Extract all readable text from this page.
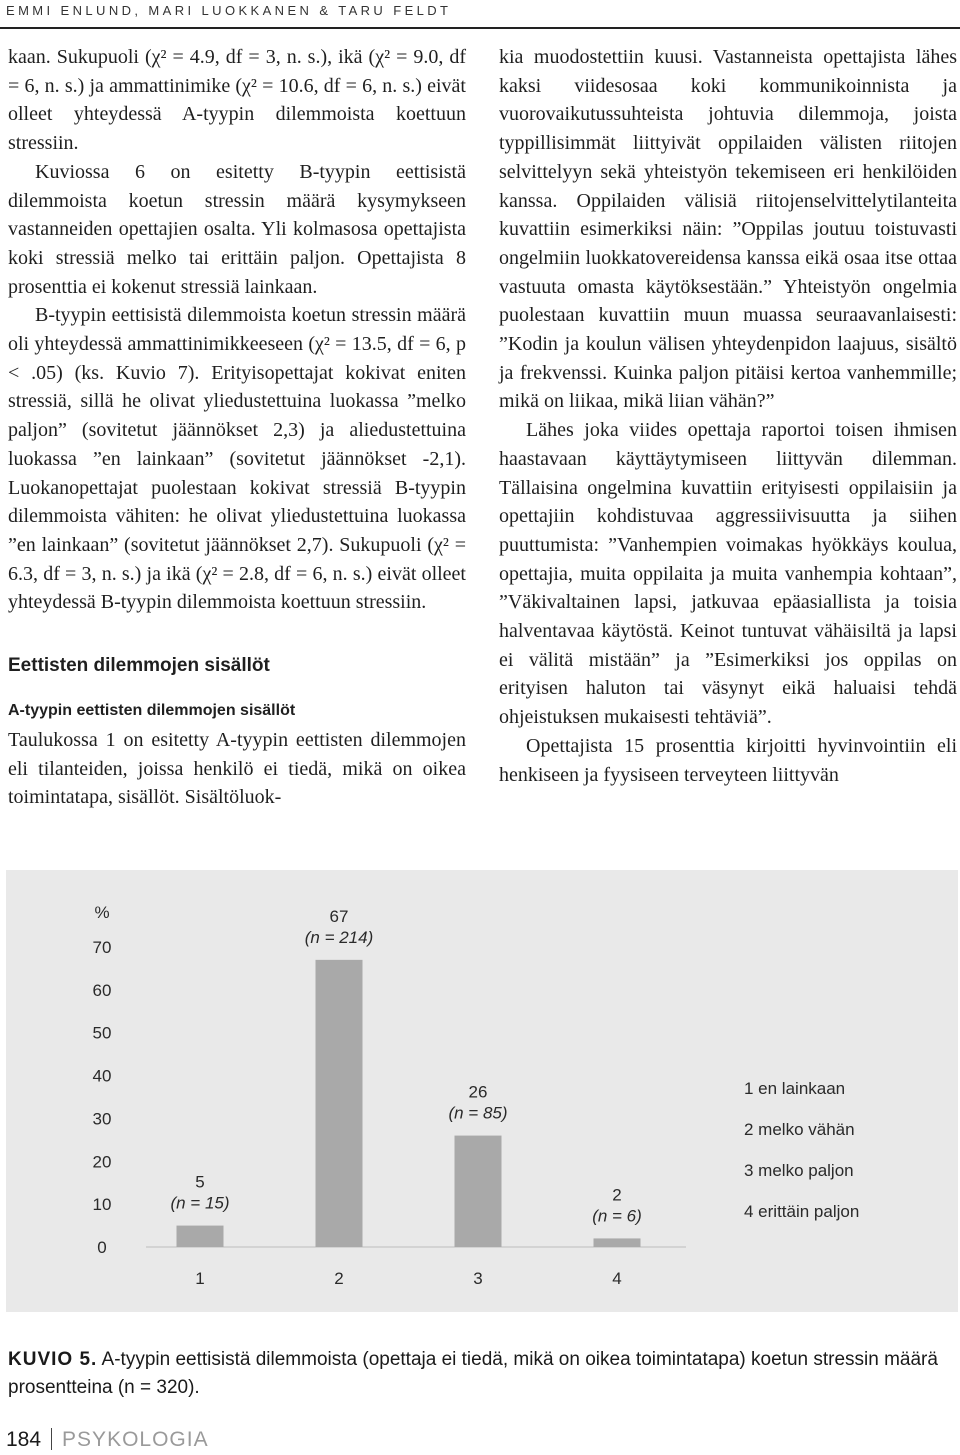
EMMI ENLUND, MARI LUOKKANEN & TARU FELDT

kaan. Sukupuoli (χ² = 4.9, df = 3, n. s.), ikä (χ² = 9.0, df = 6, n. s.) ja ammattinimike (χ² = 10.6, df = 6, n. s.) eivät olleet yhteydessä A-tyypin dilemmoista koettuun stressiin.

Kuviossa 6 on esitetty B-tyypin eettisistä dilemmoista koetun stressin määrä kysymykseen vastanneiden opettajien osalta. Yli kolmasosa opettajista koki stressiä melko tai erittäin paljon. Opettajista 8 prosenttia ei kokenut stressiä lainkaan.

B-tyypin eettisistä dilemmoista koetun stressin määrä oli yhteydessä ammattinimikkeeseen (χ² = 13.5, df = 6, p < .05) (ks. Kuvio 7). Erityisopettajat kokivat eniten stressiä, sillä he olivat yliedustettuina luokassa ”melko paljon” (sovitetut jäännökset 2,3) ja aliedustettuina luokassa ”en lainkaan” (sovitetut jäännökset -2,1). Luokanopettajat puolestaan kokivat stressiä B-tyypin dilemmoista vähiten: he olivat yliedustettuina luokassa ”en lainkaan” (sovitetut jäännökset 2,7). Sukupuoli (χ² = 6.3, df = 3, n. s.) ja ikä (χ² = 2.8, df = 6, n. s.) eivät olleet yhteydessä B-tyypin dilemmoista koettuun stressiin.

Eettisten dilemmojen sisällöt
A-tyypin eettisten dilemmojen sisällöt

Taulukossa 1 on esitetty A-tyypin eettisten dilemmojen eli tilanteiden, joissa henkilö ei tiedä, mikä on oikea toimintatapa, sisällöt. Sisältöluok-

kia muodostettiin kuusi. Vastanneista opettajista lähes kaksi viidesosaa koki kommunikoinnista ja vuorovaikutussuhteista johtuvia dilemmoja, joista typpillisimmät liittyivät oppilaiden välisten riitojen selvittelyyn sekä yhteistyön tekemiseen eri henkilöiden kanssa. Oppilaiden välisiä riitojenselvittelytilanteita kuvattiin esimerkiksi näin: ”Oppilas joutuu toistuvasti ongelmiin luokkatovereidensa kanssa eikä osaa itse ottaa vastuuta omasta käytöksestään.” Yhteistyön ongelmia puolestaan kuvattiin muun muassa seuraavanlaisesti: ”Kodin ja koulun välisen yhteydenpidon laajuus, sisältö ja frekvenssi. Kuinka paljon pitäisi kertoa vanhemmille; mikä on liikaa, mikä liian vähän?”

Lähes joka viides opettaja raportoi toisen ihmisen haastavaan käyttäytymiseen liittyvän dilemman. Tällaisina ongelmina kuvattiin erityisesti oppilaisiin ja opettajiin kohdistuvaa aggressiivisuutta ja siihen puuttumista: ”Vanhempien voimakas hyökkäys koulua, opettajia, muita oppilaita ja muita vanhempia kohtaan”, ”Väkivaltainen lapsi, jatkuvaa epäasiallista ja toisia halventavaa käytöstä. Keinot tuntuvat vähäisiltä ja lapsi ei välitä mistään” ja ”Esimerkiksi jos oppilas on erityisen haluton tai väsynyt eikä haluaisi tehdä ohjeistuksen mukaisesti tehtäviä”.

Opettajista 15 prosenttia kirjoitti hyvinvointiin eli henkiseen ja fyysiseen terveyteen liittyvän

%
0
10
20
30
40
50
60
70
5
(n = 15)
1
67
(n = 214)
2
26
(n = 85)
3
2
(n = 6)
4
1 en lainkaan
2 melko vähän
3 melko paljon
4 erittäin paljon
KUVIO 5. A-tyypin eettisistä dilemmoista (opettaja ei tiedä, mikä on oikea toimintatapa) koetun stressin määrä prosentteina (n = 320).
184 PSYKOLOGIA
